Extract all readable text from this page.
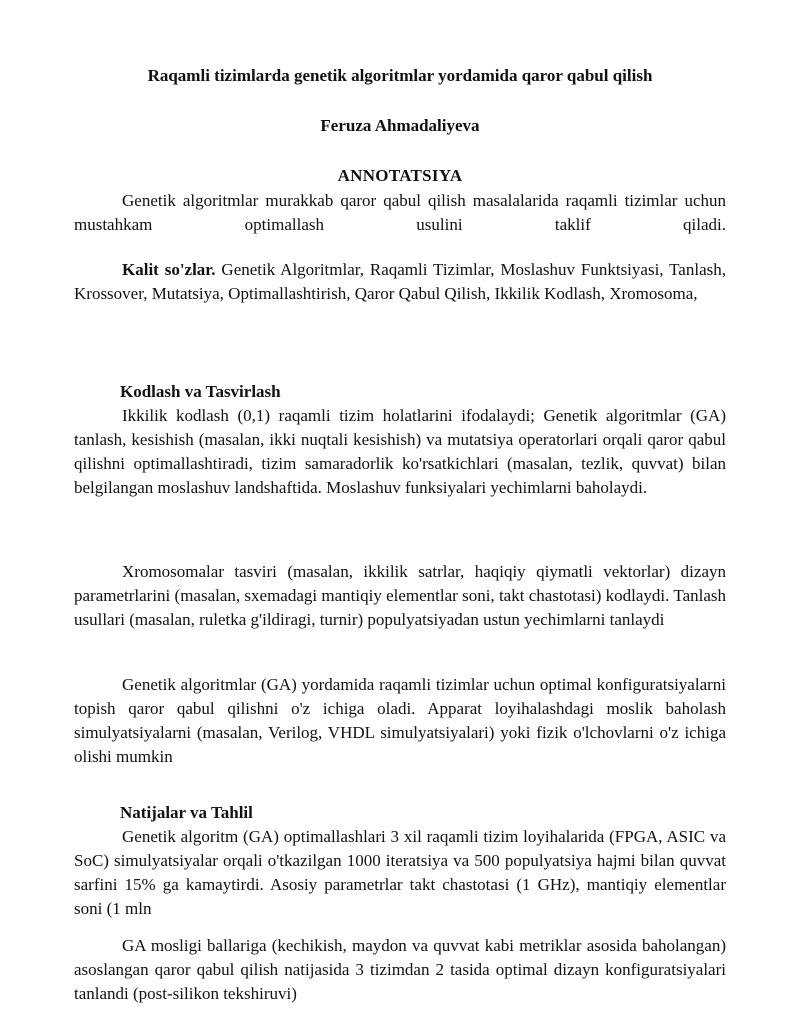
Raqamli tizimlarda genetik algoritmlar yordamida qaror qabul qilish
Feruza Ahmadaliyeva
ANNOTATSIYA

Genetik algoritmlar murakkab qaror qabul qilish masalalarida raqamli tizimlar uchun mustahkam optimallash usulini taklif qiladi.

Kalit so'zlar. Genetik Algoritmlar, Raqamli Tizimlar, Moslashuv Funktsiyasi, Tanlash, Krossover, Mutatsiya, Optimallashtirish, Qaror Qabul Qilish, Ikkilik Kodlash, Xromosoma,

Kodlash va Tasvirlash

Ikkilik kodlash (0,1) raqamli tizim holatlarini ifodalaydi; Genetik algoritmlar (GA) tanlash, kesishish (masalan, ikki nuqtali kesishish) va mutatsiya operatorlari orqali qaror qabul qilishni optimallashtiradi, tizim samaradorlik ko'rsatkichlari (masalan, tezlik, quvvat) bilan belgilangan moslashuv landshaftida. Moslashuv funksiyalari yechimlarni baholaydi.

Xromosomalar tasviri (masalan, ikkilik satrlar, haqiqiy qiymatli vektorlar) dizayn parametrlarini (masalan, sxemadagi mantiqiy elementlar soni, takt chastotasi) kodlaydi. Tanlash usullari (masalan, ruletka g'ildiragi, turnir) populyatsiyadan ustun yechimlarni tanlaydi

Genetik algoritmlar (GA) yordamida raqamli tizimlar uchun optimal konfiguratsiyalarni topish qaror qabul qilishni o'z ichiga oladi. Apparat loyihalashdagi moslik baholash simulyatsiyalarni (masalan, Verilog, VHDL simulyatsiyalari) yoki fizik o'lchovlarni o'z ichiga olishi mumkin

Natijalar va Tahlil

Genetik algoritm (GA) optimallashlari 3 xil raqamli tizim loyihalarida (FPGA, ASIC va SoC) simulyatsiyalar orqali o'tkazilgan 1000 iteratsiya va 500 populyatsiya hajmi bilan quvvat sarfini 15% ga kamaytirdi. Asosiy parametrlar takt chastotasi (1 GHz), mantiqiy elementlar soni (1 mln

GA mosligi ballariga (kechikish, maydon va quvvat kabi metriklar asosida baholangan) asoslangan qaror qabul qilish natijasida 3 tizimdan 2 tasida optimal dizayn konfiguratsiyalari tanlandi (post-silikon tekshiruvi)
